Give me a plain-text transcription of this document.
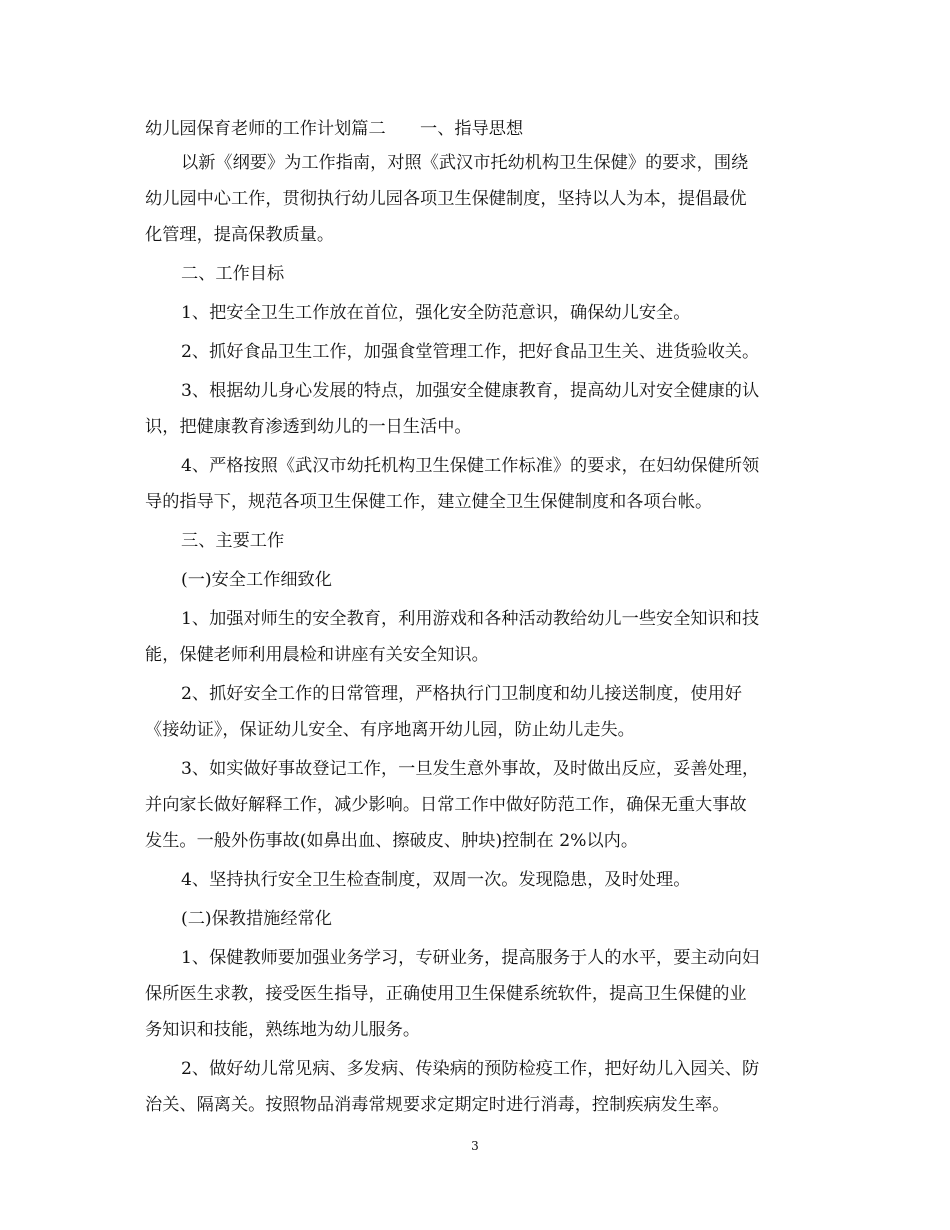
幼儿园保育老师的工作计划篇二　　一、指导思想
以新《纲要》为工作指南，对照《武汉市托幼机构卫生保健》的要求，围绕
幼儿园中心工作，贯彻执行幼儿园各项卫生保健制度，坚持以人为本，提倡最优
化管理，提高保教质量。
二、工作目标
1、把安全卫生工作放在首位，强化安全防范意识，确保幼儿安全。
2、抓好食品卫生工作，加强食堂管理工作，把好食品卫生关、进货验收关。
3、根据幼儿身心发展的特点，加强安全健康教育，提高幼儿对安全健康的认
识，把健康教育渗透到幼儿的一日生活中。
4、严格按照《武汉市幼托机构卫生保健工作标准》的要求，在妇幼保健所领
导的指导下，规范各项卫生保健工作，建立健全卫生保健制度和各项台帐。
三、主要工作
(一)安全工作细致化
1、加强对师生的安全教育，利用游戏和各种活动教给幼儿一些安全知识和技
能，保健老师利用晨检和讲座有关安全知识。
2、抓好安全工作的日常管理，严格执行门卫制度和幼儿接送制度，使用好
《接幼证》，保证幼儿安全、有序地离开幼儿园，防止幼儿走失。
3、如实做好事故登记工作，一旦发生意外事故，及时做出反应，妥善处理，
并向家长做好解释工作，减少影响。日常工作中做好防范工作，确保无重大事故
发生。一般外伤事故(如鼻出血、擦破皮、肿块)控制在 2%以内。
4、坚持执行安全卫生检查制度，双周一次。发现隐患，及时处理。
(二)保教措施经常化
1、保健教师要加强业务学习，专研业务，提高服务于人的水平，要主动向妇
保所医生求教，接受医生指导，正确使用卫生保健系统软件，提高卫生保健的业
务知识和技能，熟练地为幼儿服务。
2、做好幼儿常见病、多发病、传染病的预防检疫工作，把好幼儿入园关、防
治关、隔离关。按照物品消毒常规要求定期定时进行消毒，控制疾病发生率。
3
